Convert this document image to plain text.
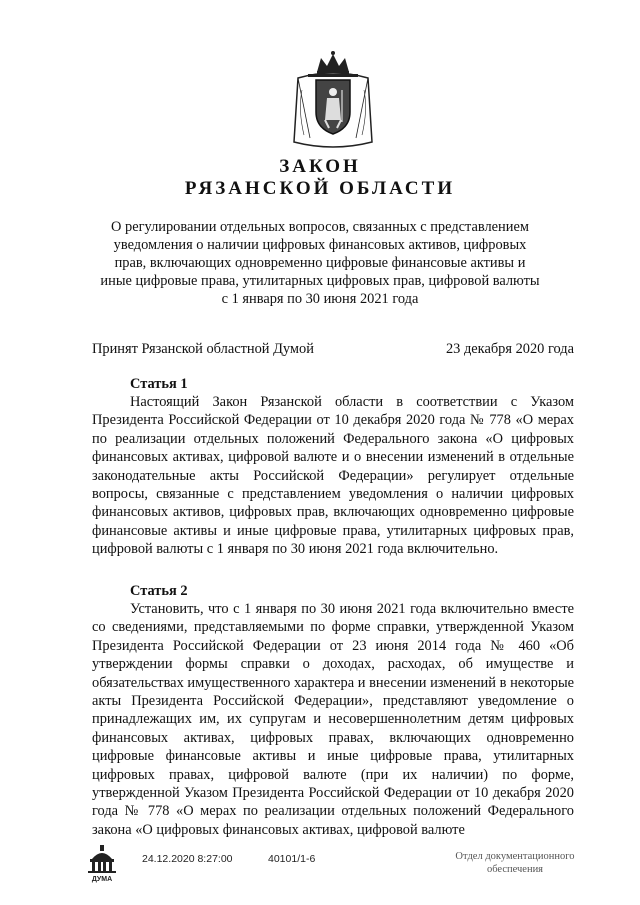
ЗАКОН
РЯЗАНСКОЙ ОБЛАСТИ
О регулировании отдельных вопросов, связанных с представлением уведомления о наличии цифровых финансовых активов, цифровых прав, включающих одновременно цифровые финансовые активы и иные цифровые права, утилитарных цифровых прав, цифровой валюты с 1 января по 30 июня 2021 года
Принят Рязанской областной Думой	23 декабря 2020 года
Статья 1

Настоящий Закон Рязанской области в соответствии с Указом Президента Российской Федерации от 10 декабря 2020 года № 778 «О мерах по реализации отдельных положений Федерального закона «О цифровых финансовых активах, цифровой валюте и о внесении изменений в отдельные законодательные акты Российской Федерации» регулирует отдельные вопросы, связанные с представлением уведомления о наличии цифровых финансовых активов, цифровых прав, включающих одновременно цифровые финансовые активы и иные цифровые права, утилитарных цифровых прав, цифровой валюты с 1 января по 30 июня 2021 года включительно.

Статья 2

Установить, что с 1 января по 30 июня 2021 года включительно вместе со сведениями, представляемыми по форме справки, утвержденной Указом Президента Российской Федерации от 23 июня 2014 года № 460 «Об утверждении формы справки о доходах, расходах, об имуществе и обязательствах имущественного характера и внесении изменений в некоторые акты Президента Российской Федерации», представляют уведомление о принадлежащих им, их супругам и несовершеннолетним детям цифровых финансовых активах, цифровых правах, включающих одновременно цифровые финансовые активы и иные цифровые права, утилитарных цифровых правах, цифровой валюте (при их наличии) по форме, утвержденной Указом Президента Российской Федерации от 10 декабря 2020 года № 778 «О мерах по реализации отдельных положений Федерального закона «О цифровых финансовых активах, цифровой валюте

ДУМА
24.12.2020 8:27:00	40101/1-6	Отдел документационного
обеспечения
